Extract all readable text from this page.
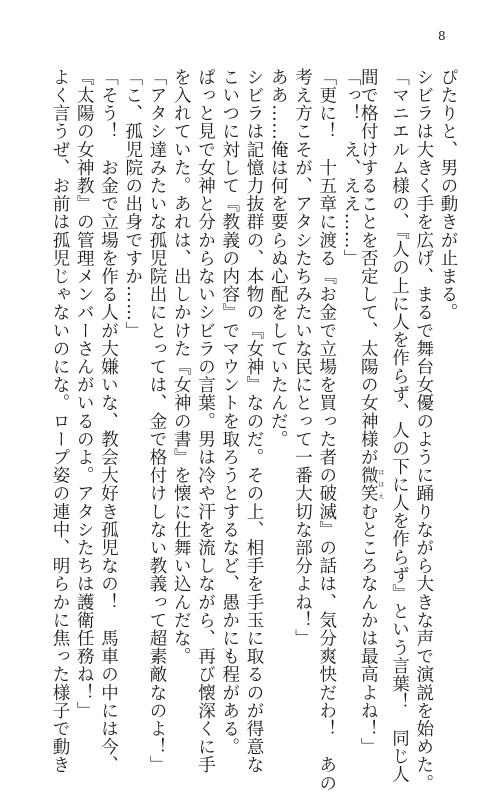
8
ぴたりと、男の動きが止まる。
シビラは大きく手を広げ、まるで舞台女優のように踊りながら大きな声で演説を始めた。
「マニエルム様の、『人の上に人を作らず、人の下に人を作らず』という言葉！　同じ人
間で格付けすることを否定して、太陽の女神様が微笑ほほえむところなんかは最高よね！」
「っ！　え、ええ……」
「更に！　十五章に渡る『お金で立場を買った者の破滅』の話は、気分爽快だわ！　あの
考え方こそが、アタシたちみたいな民にとって一番大切な部分よね！」
ああ……俺は何を要らぬ心配をしていたんだ。
シビラは記憶力抜群の、本物の『女神』なのだ。その上、相手を手玉に取るのが得意な
こいつに対して『教義の内容』でマウントを取ろうとするなど、愚かにも程がある。
ぱっと見で女神と分からないシビラの言葉。男は冷や汗を流しながら、再び懐深くに手
を入れていた。あれは、出しかけた『女神の書』を懐に仕舞い込んだな。
「アタシ達みたいな孤児院出にとっては、金で格付けしない教義って超素敵なのよ！」
「こ、孤児院の出身ですか……」
「そう！　お金で立場を作る人が大嫌いな、教会大好き孤児なの！　馬車の中には今、
『太陽の女神教』の管理メンバーさんがいるのよ。アタシたちは護衛任務ね！」
よく言うぜ、お前は孤児じゃないのにな。ロープ姿の連中、明らかに焦った様子で動き
